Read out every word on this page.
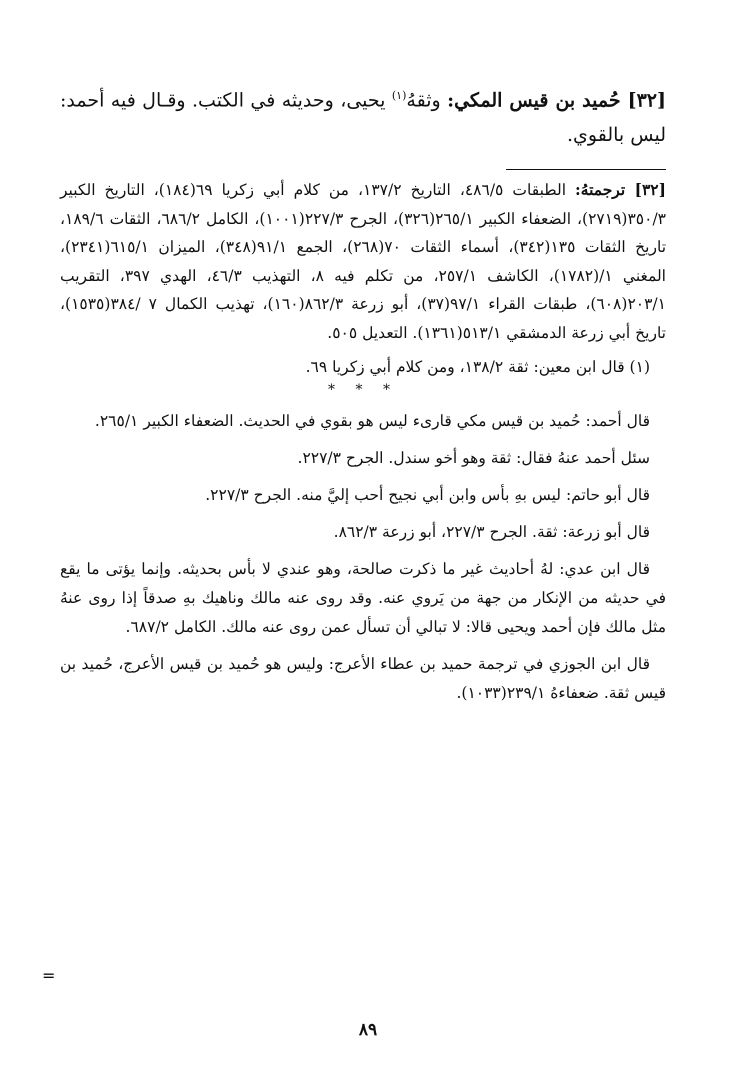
[٣٢] حُميد بن قيس المكي: وثقهُ$^{(١)}$ يحيى، وحديثه في الكتب. وقـال فيه أحمد: ليس بالقوي.

[٣٢] ترجمتهُ: الطبقات ٤٨٦/٥، التاريخ ١٣٧/٢، من كلام أبي زكريا ٦٩(١٨٤)، التاريخ الكبير ٣٥٠/٣(٢٧١٩)، الضعفاء الكبير ٢٦٥/١(٣٢٦)، الجرح ٢٢٧/٣(١٠٠١)، الكامل ٦٨٦/٢، الثقات ١٨٩/٦، تاريخ الثقات ١٣٥(٣٤٢)، أسماء الثقات ٧٠(٢٦٨)، الجمع ٩١/١(٣٤٨)، الميزان ٦١٥/١(٢٣٤١)، المغني ١/(١٧٨٢)، الكاشف ٢٥٧/١، من تكلم فيه ٨، التهذيب ٤٦/٣، الهدي ٣٩٧، التقريب ٢٠٣/١(٦٠٨)، طبقات القراء ٩٧/١(٣٧)، أبو زرعة ٨٦٢/٣(١٦٠)، تهذيب الكمال ٧ /٣٨٤(١٥٣٥)، تاريخ أبي زرعة الدمشقي ٥١٣/١(١٣٦١). التعديل ٥٠٥.

(١) قال ابن معين: ثقة ١٣٨/٢، ومن كلام أبي زكريا ٦٩.

* * *

قال أحمد: حُميد بن قيس مكي قارىء ليس هو بقوي في الحديث. الضعفاء الكبير ٢٦٥/١.

سئل أحمد عنهُ فقال: ثقة وهو أخو سندل. الجرح ٢٢٧/٣.

قال أبو حاتم: ليس بهِ بأس وابن أبي نجيح أحب إليَّ منه. الجرح ٢٢٧/٣.

قال أبو زرعة: ثقة. الجرح ٢٢٧/٣، أبو زرعة ٨٦٢/٣.

قال ابن عدي: لهُ أحاديث غير ما ذكرت صالحة، وهو عندي لا بأس بحديثه. وإنما يؤتى ما يقع في حديثه من الإنكار من جهة من يَروي عنه. وقد روى عنه مالك وناهيك بهِ صدقاً إذا روى عنهُ مثل مالك فإن أحمد ويحيى قالا: لا تبالي أن تسأل عمن روى عنه مالك. الكامل ٦٨٧/٢.

قال ابن الجوزي في ترجمة حميد بن عطاء الأعرج: وليس هو حُميد بن قيس الأعرج، حُميد بن قيس ثقة. ضعفاءهُ ٢٣٩/١(١٠٣٣).

=
٨٩
